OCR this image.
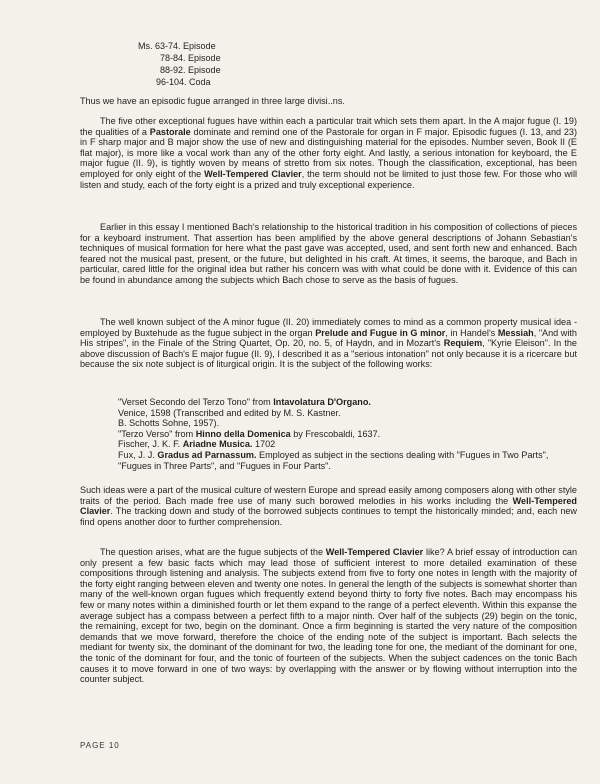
Ms. 63-74. Episode
78-84. Episode
88-92. Episode
96-104. Coda

Thus we have an episodic fugue arranged in three large divisi..ns.

The five other exceptional fugues have within each a particular trait which sets them apart. In the A major fugue (I. 19) the qualities of a Pastorale dominate and remind one of the Pastorale for organ in F major. Episodic fugues (I. 13, and 23) in F sharp major and B major show the use of new and distinguishing material for the episodes. Number seven, Book II (E flat major), is more like a vocal work than any of the other forty eight. And lastly, a serious intonation for keyboard, the E major fugue (II. 9), is tightly woven by means of stretto from six notes. Though the classification, exceptional, has been employed for only eight of the Well-Tempered Clavier, the term should not be limited to just those few. For those who will listen and study, each of the forty eight is a prized and truly exceptional experience.

Earlier in this essay I mentioned Bach's relationship to the historical tradition in his composition of collections of pieces for a keyboard instrument. That assertion has been amplified by the above general descriptions of Johann Sebastian's techniques of musical formation for here what the past gave was accepted, used, and sent forth new and enhanced. Bach feared not the musical past, present, or the future, but delighted in his craft. At times, it seems, the baroque, and Bach in particular, cared little for the original idea but rather his concern was with what could be done with it. Evidence of this can be found in abundance among the subjects which Bach chose to serve as the basis of fugues.

The well known subject of the A minor fugue (II. 20) immediately comes to mind as a common property musical idea - employed by Buxtehude as the fugue subject in the organ Prelude and Fugue in G minor, in Handel's Messiah, "And with His stripes", in the Finale of the String Quartet, Op. 20, no. 5, of Haydn, and in Mozart's Requiem, "Kyrie Eleison". In the above discussion of Bach's E major fugue (II. 9), I described it as a "serious intonation" not only because it is a ricercare but because the six note subject is of liturgical origin. It is the subject of the following works:

"Verset Secondo del Terzo Tono" from Intavolatura D'Organo.

Venice, 1598 (Transcribed and edited by M. S. Kastner.

B. Schotts Sohne, 1957).

"Terzo Verso" from Hinno della Domenica by Frescobaldi, 1637.

Fischer, J. K. F. Ariadne Musica. 1702

Fux, J. J. Gradus ad Parnassum. Employed as subject in the sections dealing with "Fugues in Two Parts", "Fugues in Three Parts", and "Fugues in Four Parts".

Such ideas were a part of the musical culture of western Europe and spread easily among composers along with other style traits of the period. Bach made free use of many such borowed melodies in his works including the Well-Tempered Clavier. The tracking down and study of the borrowed subjects continues to tempt the historically minded; and, each new find opens another door to further comprehension.

The question arises, what are the fugue subjects of the Well-Tempered Clavier like? A brief essay of introduction can only present a few basic facts which may lead those of sufficient interest to more detailed examination of these compositions through listening and analysis. The subjects extend from five to forty one notes in length with the majority of the forty eight ranging between eleven and twenty one notes. In general the length of the subjects is somewhat shorter than many of the well-known organ fugues which frequently extend beyond thirty to forty five notes. Bach may encompass his few or many notes within a diminished fourth or let them expand to the range of a perfect eleventh. Within this expanse the average subject has a compass between a perfect fifth to a major ninth. Over half of the subjects (29) begin on the tonic, the remaining, except for two, begin on the dominant. Once a firm beginning is started the very nature of the composition demands that we move forward, therefore the choice of the ending note of the subject is important. Bach selects the mediant for twenty six, the dominant of the dominant for two, the leading tone for one, the mediant of the dominant for one, the tonic of the dominant for four, and the tonic of fourteen of the subjects. When the subject cadences on the tonic Bach causes it to move forward in one of two ways: by overlapping with the answer or by flowing without interruption into the counter subject.

PAGE 10
